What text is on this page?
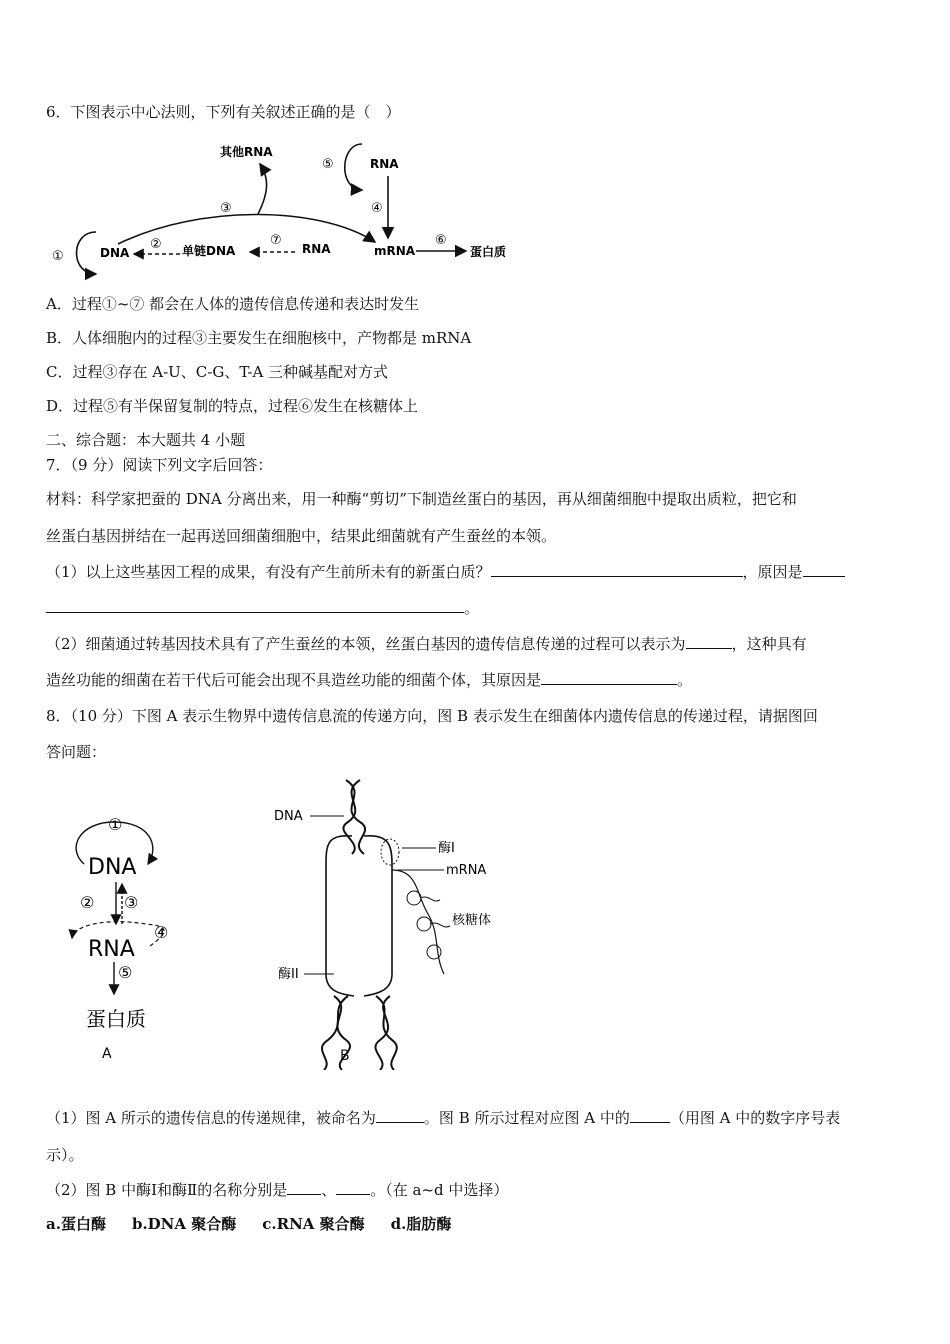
6．下图表示中心法则，下列有关叙述正确的是（　）
①	DNA
③
其他RNA
② 单链DNA
⑦
RNA	mRNA
RNA
⑤
④
⑥
蛋白质
A．过程①~⑦ 都会在人体的遗传信息传递和表达时发生
B．人体细胞内的过程③主要发生在细胞核中，产物都是 mRNA
C．过程③存在 A-U、C-G、T-A 三种碱基配对方式
D．过程⑤有半保留复制的特点，过程⑥发生在核糖体上
二、综合题：本大题共 4 小题
7．（9 分）阅读下列文字后回答：
材料：科学家把蚕的 DNA 分离出来，用一种酶“剪切”下制造丝蛋白的基因，再从细菌细胞中提取出质粒，把它和
丝蛋白基因拼结在一起再送回细菌细胞中，结果此细菌就有产生蚕丝的本领。
（1）以上这些基因工程的成果，有没有产生前所未有的新蛋白质？	，原因是
。
（2）细菌通过转基因技术具有了产生蚕丝的本领，丝蛋白基因的遗传信息传递的过程可以表示为	，这种具有
造丝功能的细菌在若干代后可能会出现不具造丝功能的细菌个体，其原因是	。
8．（10 分）下图 A 表示生物界中遗传信息流的传递方向，图 B 表示发生在细菌体内遗传信息的传递过程，请据图回
答问题：
①
DNA
② ③
④
RNA
⑤
蛋白质
A
DNA
酶I
mRNA
核糖体
酶II
B
（1）图 A 所示的遗传信息的传递规律，被命名为	。图 B 所示过程对应图 A 中的	（用图 A 中的数字序号表
示）。
（2）图 B 中酶Ⅰ和酶Ⅱ的名称分别是 、 。（在 a~d 中选择）
a.蛋白酶 b.DNA 聚合酶 c.RNA 聚合酶 d.脂肪酶
